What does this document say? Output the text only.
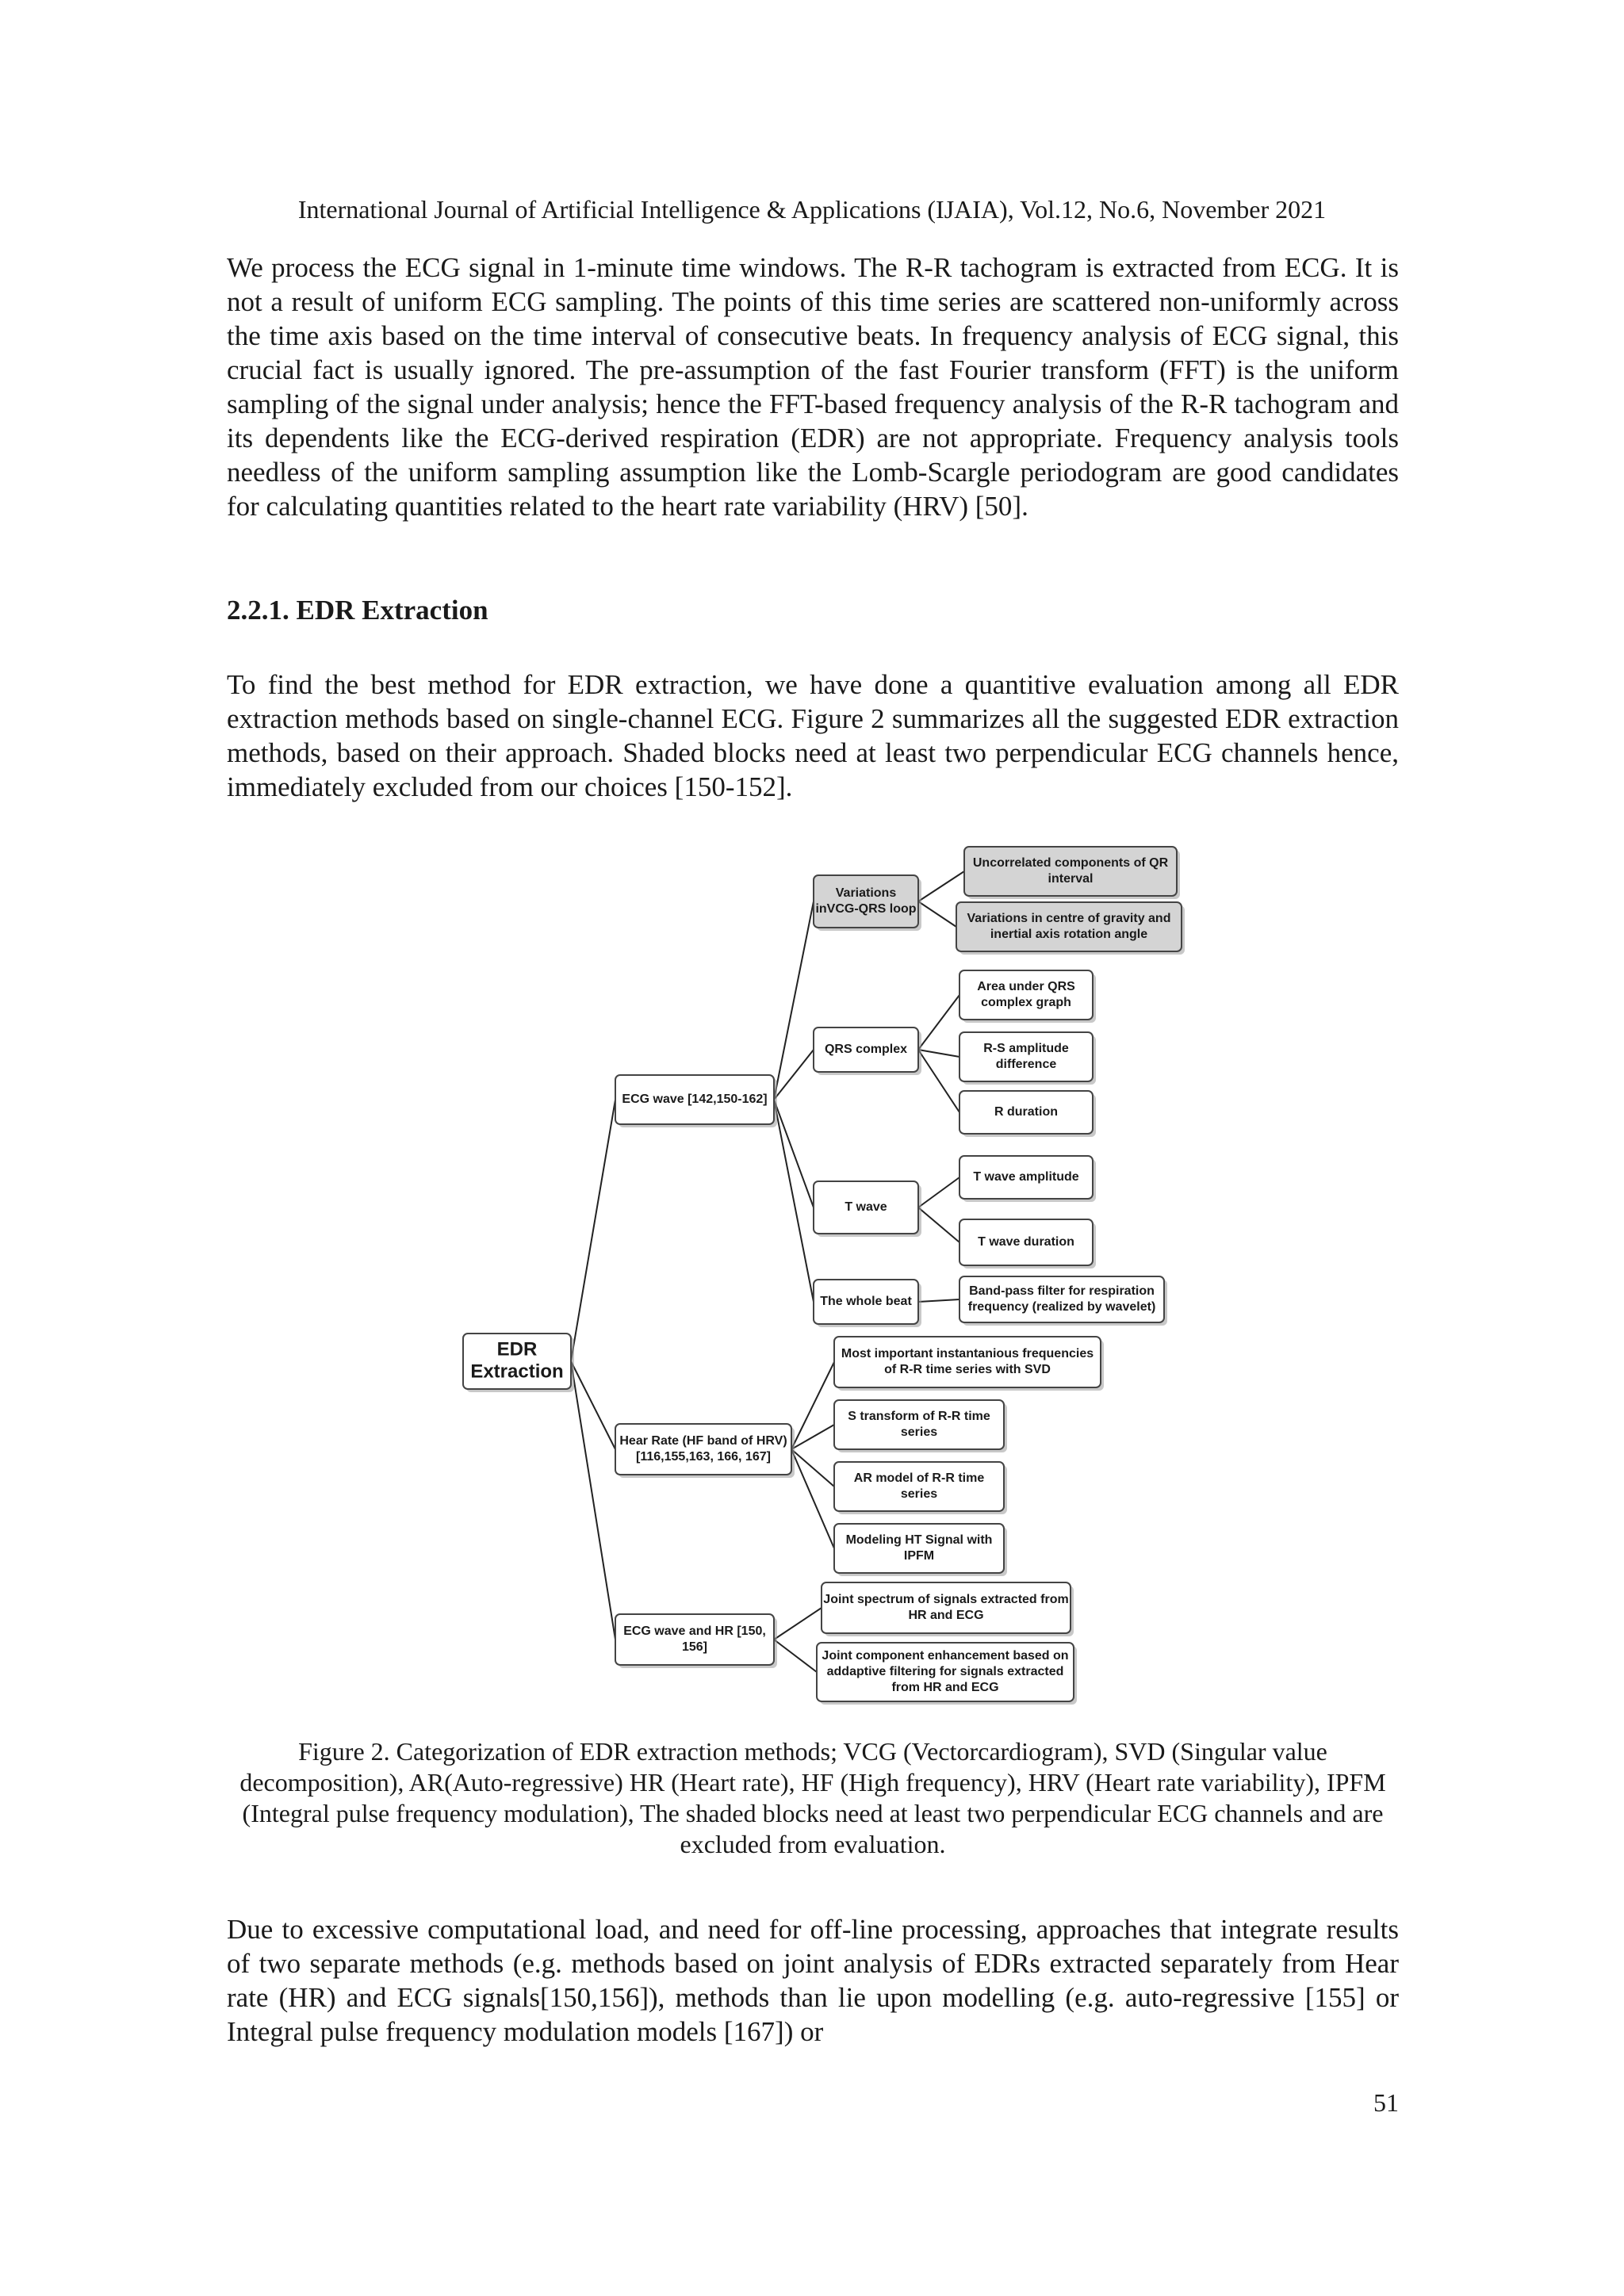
International Journal of Artificial Intelligence & Applications (IJAIA), Vol.12, No.6, November 2021

We process the ECG signal in 1-minute time windows. The R-R tachogram is extracted from ECG. It is not a result of uniform ECG sampling. The points of this time series are scattered non-uniformly across the time axis based on the time interval of consecutive beats. In frequency analysis of ECG signal, this crucial fact is usually ignored. The pre-assumption of the fast Fourier transform (FFT) is the uniform sampling of the signal under analysis; hence the FFT-based frequency analysis of the R-R tachogram and its dependents like the ECG-derived respiration (EDR) are not appropriate. Frequency analysis tools needless of the uniform sampling assumption like the Lomb-Scargle periodogram are good candidates for calculating quantities related to the heart rate variability (HRV) [50].

2.2.1. EDR Extraction

To find the best method for EDR extraction, we have done a quantitive evaluation among all EDR extraction methods based on single-channel ECG. Figure 2 summarizes all the suggested EDR extraction methods, based on their approach. Shaded blocks need at least two perpendicular ECG channels hence, immediately excluded from our choices [150-152].

EDR
Extraction
ECG wave [142,150-162]
Hear Rate (HF band of HRV)
[116,155,163, 166, 167]
ECG wave and HR [150,
156]
Variations
inVCG-QRS loop
QRS complex
T wave
The whole beat
Uncorrelated components of QR
interval
Variations in centre of gravity and
inertial axis rotation angle
Area under QRS
complex graph
R-S amplitude
difference
R duration
T wave amplitude
T wave duration
Band-pass filter for respiration
frequency (realized by wavelet)
Most important instantanious frequencies
of R-R time series with SVD
S transform of R-R time
series
AR model of R-R time
series
Modeling HT Signal with
IPFM
Joint spectrum of signals extracted from
HR and ECG
Joint component enhancement based on
addaptive filtering for signals extracted
from HR and ECG

Figure 2. Categorization of EDR extraction methods; VCG (Vectorcardiogram), SVD (Singular value decomposition), AR(Auto-regressive) HR (Heart rate), HF (High frequency), HRV (Heart rate variability), IPFM (Integral pulse frequency modulation), The shaded blocks need at least two perpendicular ECG channels and are excluded from evaluation.

Due to excessive computational load, and need for off-line processing, approaches that integrate results of two separate methods (e.g. methods based on joint analysis of EDRs extracted separately from Hear rate (HR) and ECG signals[150,156]), methods than lie upon modelling (e.g. auto-regressive [155] or Integral pulse frequency modulation models [167]) or

51
